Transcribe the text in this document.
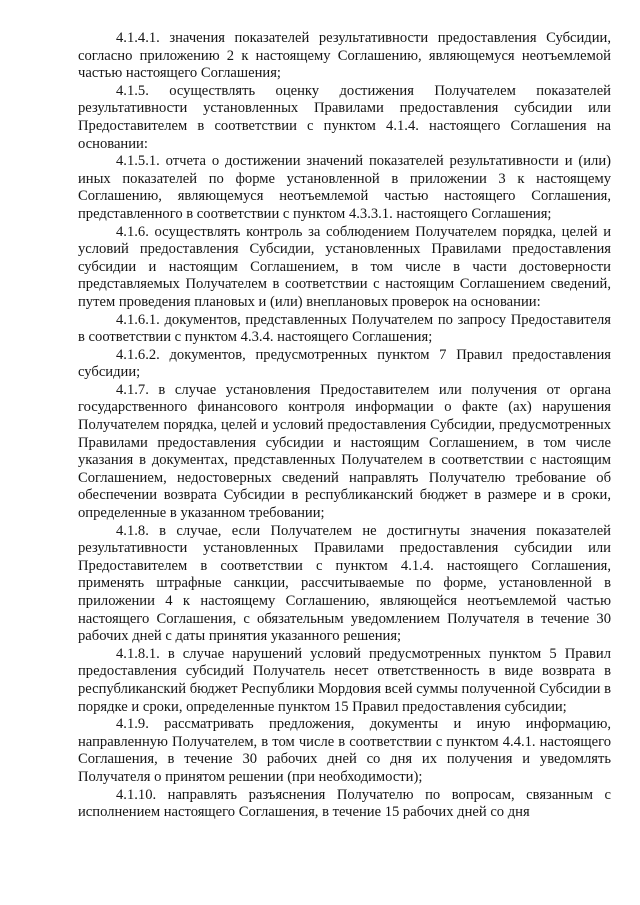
4.1.4.1. значения показателей результативности предоставления Субсидии, согласно приложению 2 к настоящему Соглашению, являющемуся неотъемлемой частью настоящего Соглашения;

4.1.5. осуществлять оценку достижения Получателем показателей результативности установленных Правилами предоставления субсидии или Предоставителем в соответствии с пунктом 4.1.4. настоящего Соглашения на основании:

4.1.5.1. отчета о достижении значений показателей результативности и (или) иных показателей по форме установленной в приложении 3 к настоящему Соглашению, являющемуся неотъемлемой частью настоящего Соглашения, представленного в соответствии с пунктом 4.3.3.1. настоящего Соглашения;

4.1.6. осуществлять контроль за соблюдением Получателем порядка, целей и условий предоставления Субсидии, установленных Правилами предоставления субсидии и настоящим Соглашением, в том числе в части достоверности представляемых Получателем в соответствии с настоящим Соглашением сведений, путем проведения плановых и (или) внеплановых проверок на основании:

4.1.6.1. документов, представленных Получателем по запросу Предоставителя в соответствии с пунктом 4.3.4. настоящего Соглашения;

4.1.6.2. документов, предусмотренных пунктом 7 Правил предоставления субсидии;

4.1.7. в случае установления Предоставителем или получения от органа государственного финансового контроля информации о факте (ах) нарушения Получателем порядка, целей и условий предоставления Субсидии, предусмотренных Правилами предоставления субсидии и настоящим Соглашением, в том числе указания в документах, представленных Получателем в соответствии с настоящим Соглашением, недостоверных сведений направлять Получателю требование об обеспечении возврата Субсидии в республиканский бюджет в размере и в сроки, определенные в указанном требовании;

4.1.8. в случае, если Получателем не достигнуты значения показателей результативности установленных Правилами предоставления субсидии или Предоставителем в соответствии с пунктом 4.1.4. настоящего Соглашения, применять штрафные санкции, рассчитываемые по форме, установленной в приложении 4 к настоящему Соглашению, являющейся неотъемлемой частью настоящего Соглашения, с обязательным уведомлением Получателя в течение 30 рабочих дней с даты принятия указанного решения;

4.1.8.1. в случае нарушений условий предусмотренных пунктом 5 Правил предоставления субсидий Получатель несет ответственность в виде возврата в республиканский бюджет Республики Мордовия всей суммы полученной Субсидии в порядке и сроки, определенные пунктом 15 Правил предоставления субсидии;

4.1.9. рассматривать предложения, документы и иную информацию, направленную Получателем, в том числе в соответствии с пунктом 4.4.1. настоящего Соглашения, в течение 30 рабочих дней со дня их получения и уведомлять Получателя о принятом решении (при необходимости);

4.1.10. направлять разъяснения Получателю по вопросам, связанным с исполнением настоящего Соглашения, в течение 15 рабочих дней со дня
